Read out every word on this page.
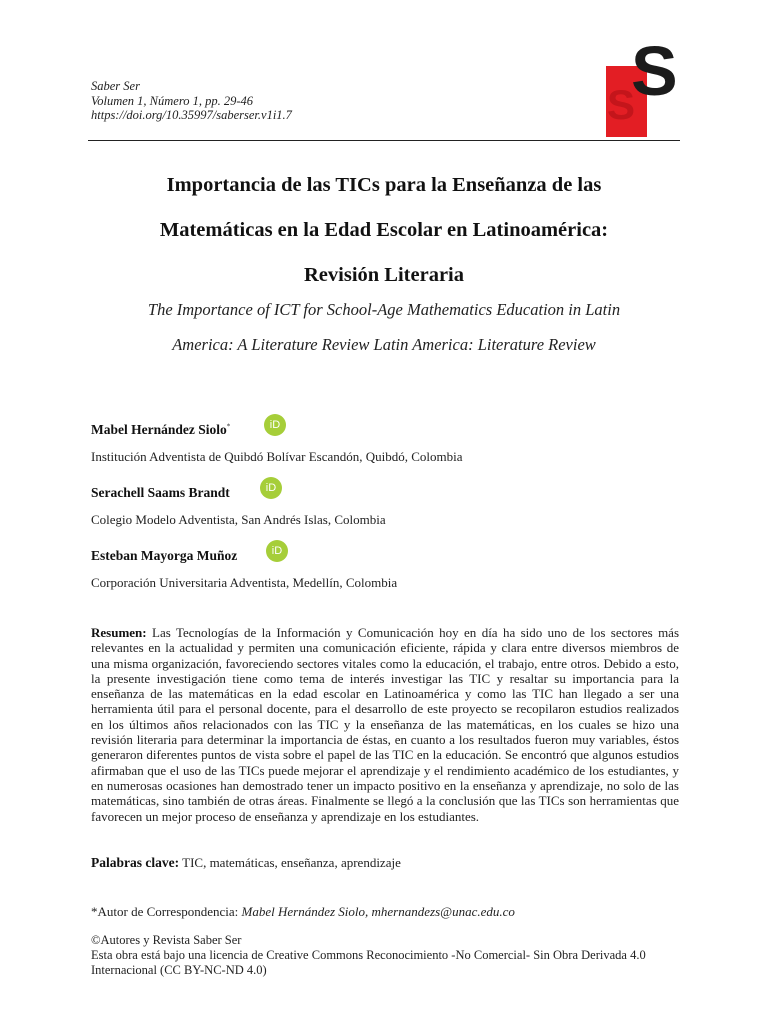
Saber Ser
Volumen 1, Número 1, pp. 29-46
https://doi.org/10.35997/saberser.v1i1.7	S
S
Importancia de las TICs para la Enseñanza de las
Matemáticas en la Edad Escolar en Latinoamérica:
Revisión Literaria
The Importance of ICT for School-Age Mathematics Education in Latin
America: A Literature Review Latin America: Literature Review
Mabel Hernández Siolo*	iD
Institución Adventista de Quibdó Bolívar Escandón, Quibdó, Colombia
Serachell Saams Brandt	iD
Colegio Modelo Adventista, San Andrés Islas, Colombia
Esteban Mayorga Muñoz	iD
Corporación Universitaria Adventista, Medellín, Colombia
Resumen: Las Tecnologías de la Información y Comunicación hoy en día ha sido uno de los sectores más relevantes en la actualidad y permiten una comunicación eficiente, rápida y clara entre diversos miembros de una misma organización, favoreciendo sectores vitales como la educación, el trabajo, entre otros. Debido a esto, la presente investigación tiene como tema de interés investigar las TIC y resaltar su importancia para la enseñanza de las matemáticas en la edad escolar en Latinoamérica y como las TIC han llegado a ser una herramienta útil para el personal docente, para el desarrollo de este proyecto se recopilaron estudios realizados en los últimos años relacionados con las TIC y la enseñanza de las matemáticas, en los cuales se hizo una revisión literaria para determinar la importancia de éstas, en cuanto a los resultados fueron muy variables, éstos generaron diferentes puntos de vista sobre el papel de las TIC en la educación. Se encontró que algunos estudios afirmaban que el uso de las TICs puede mejorar el aprendizaje y el rendimiento académico de los estudiantes, y en numerosas ocasiones han demostrado tener un impacto positivo en la enseñanza y aprendizaje, no solo de las matemáticas, sino también de otras áreas. Finalmente se llegó a la conclusión que las TICs son herramientas que favorecen un mejor proceso de enseñanza y aprendizaje en los estudiantes.
Palabras clave: TIC, matemáticas, enseñanza, aprendizaje
*Autor de Correspondencia: Mabel Hernández Siolo, mhernandezs@unac.edu.co
©Autores y Revista Saber Ser
Esta obra está bajo una licencia de Creative Commons Reconocimiento -No Comercial- Sin Obra Derivada 4.0 Internacional (CC BY-NC-ND 4.0)
